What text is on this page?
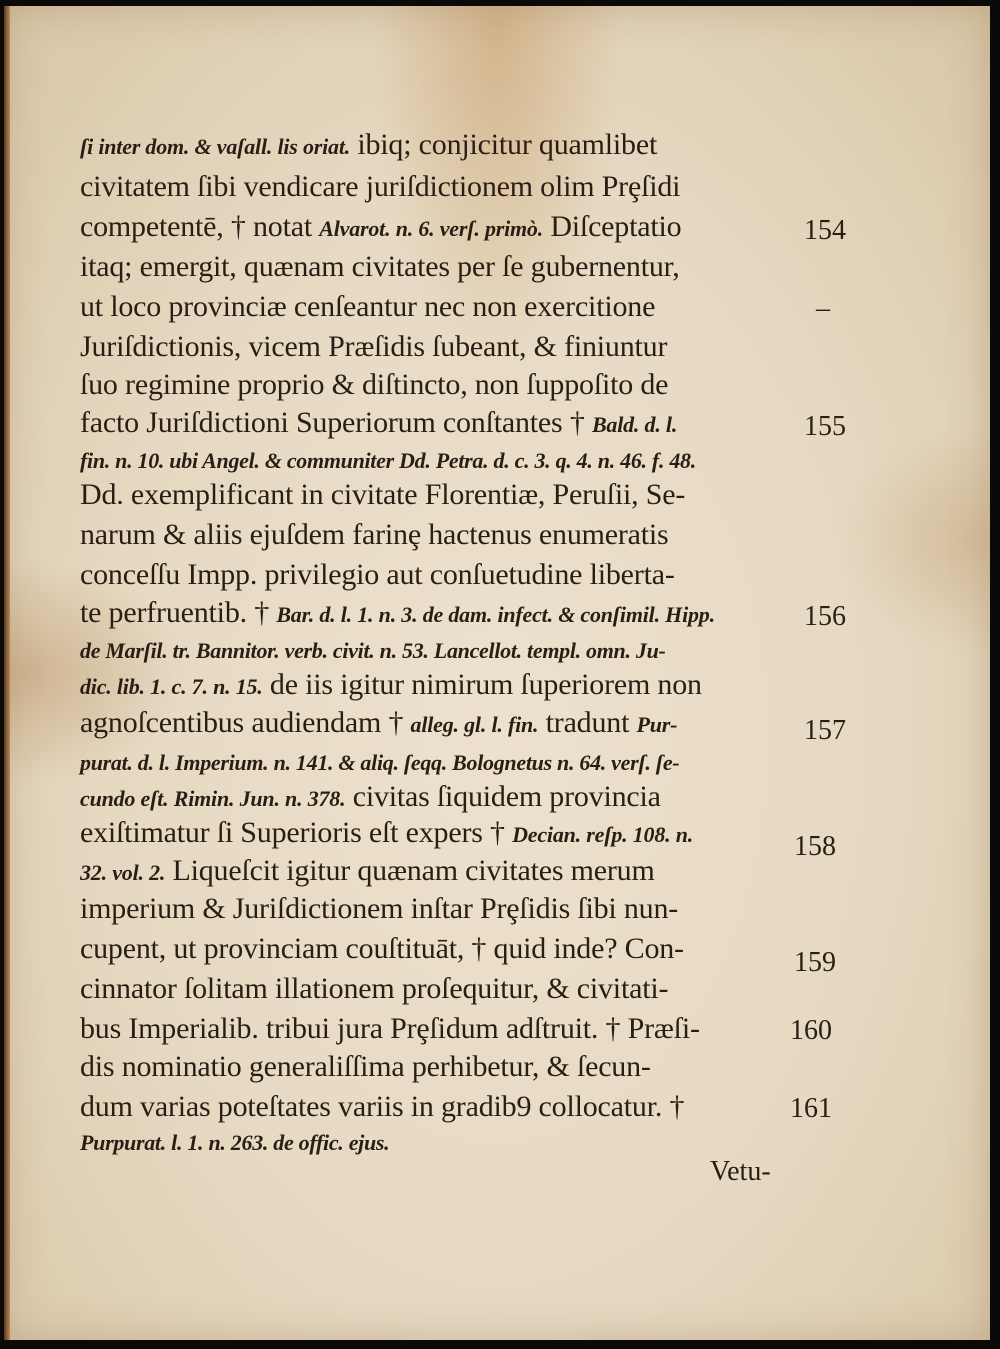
ſi inter dom. & vaſall. lis oriat. ibiq; conjicitur quamlibet
civitatem ſibi vendicare juriſdictionem olim Prȩſidi
competentē, † notat Alvarot. n. 6. verſ. primò. Diſceptatio
itaq; emergit, quænam civitates per ſe gubernentur,
ut loco provinciæ cenſeantur nec non exercitione
Juriſdictionis, vicem Præſidis ſubeant, & finiuntur
ſuo regimine proprio & diſtincto, non ſuppoſito de
facto Juriſdictioni Superiorum conſtantes † Bald. d. l.
fin. n. 10. ubi Angel. & communiter Dd. Petra. d. c. 3. q. 4. n. 46. f. 48.
Dd. exemplificant in civitate Florentiæ, Peruſii, Se-
narum & aliis ejuſdem farinȩ hactenus enumeratis
conceſſu Impp. privilegio aut conſuetudine liberta-
te perfruentib. † Bar. d. l. 1. n. 3. de dam. infect. & conſimil. Hipp.
de Marſil. tr. Bannitor. verb. civit. n. 53. Lancellot. templ. omn. Ju-
dic. lib. 1. c. 7. n. 15. de iis igitur nimirum ſuperiorem non
agnoſcentibus audiendam † alleg. gl. l. fin. tradunt Pur-
purat. d. l. Imperium. n. 141. & aliq. ſeqq. Bolognetus n. 64. verſ. ſe-
cundo eſt. Rimin. Jun. n. 378. civitas ſiquidem provincia
exiſtimatur ſi Superioris eſt expers † Decian. reſp. 108. n.
32. vol. 2. Liqueſcit igitur quænam civitates merum
imperium & Juriſdictionem inſtar Prȩſidis ſibi nun-
cupent, ut provinciam couſtituāt, † quid inde? Con-
cinnator ſolitam illationem proſequitur, & civitati-
bus Imperialib. tribui jura Prȩſidum adſtruit. † Præſi-
dis nominatio generaliſſima perhibetur, & ſecun-
dum varias poteſtates variis in gradib9 collocatur. †
Purpurat. l. 1. n. 263. de offic. ejus.
154
–
155
156
157
158
159
160
161
Vetu-
